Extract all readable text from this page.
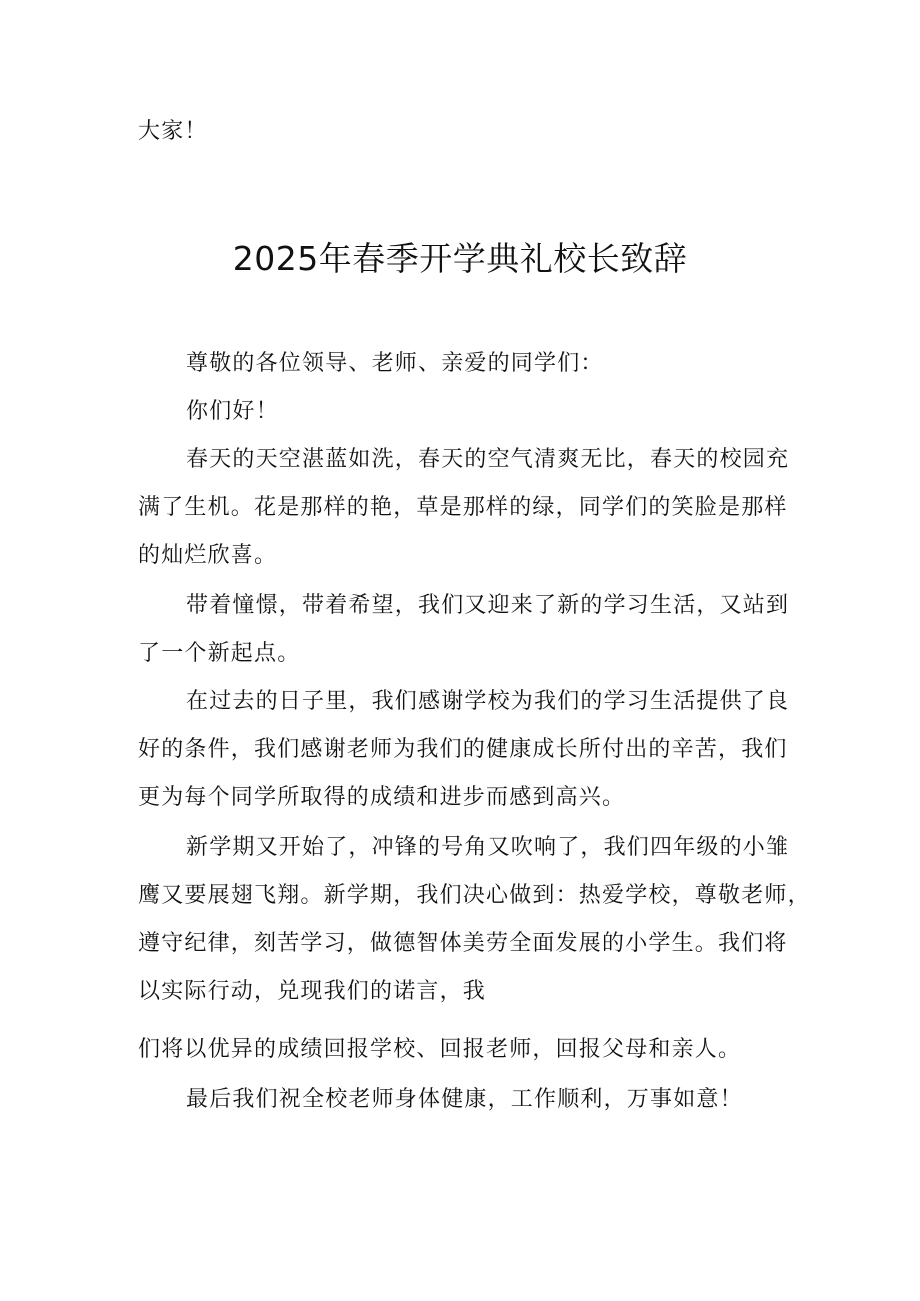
大家！
2025年春季开学典礼校长致辞
尊敬的各位领导、老师、亲爱的同学们：
你们好！
春天的天空湛蓝如洗，春天的空气清爽无比，春天的校园充
满了生机。花是那样的艳，草是那样的绿，同学们的笑脸是那样
的灿烂欣喜。
带着憧憬，带着希望，我们又迎来了新的学习生活，又站到
了一个新起点。
在过去的日子里，我们感谢学校为我们的学习生活提供了良
好的条件，我们感谢老师为我们的健康成长所付出的辛苦，我们
更为每个同学所取得的成绩和进步而感到高兴。
新学期又开始了，冲锋的号角又吹响了，我们四年级的小雏
鹰又要展翅飞翔。新学期，我们决心做到：热爱学校，尊敬老师，
遵守纪律，刻苦学习，做德智体美劳全面发展的小学生。我们将
以实际行动，兑现我们的诺言，我
们将以优异的成绩回报学校、回报老师，回报父母和亲人。
最后我们祝全校老师身体健康，工作顺利，万事如意！
